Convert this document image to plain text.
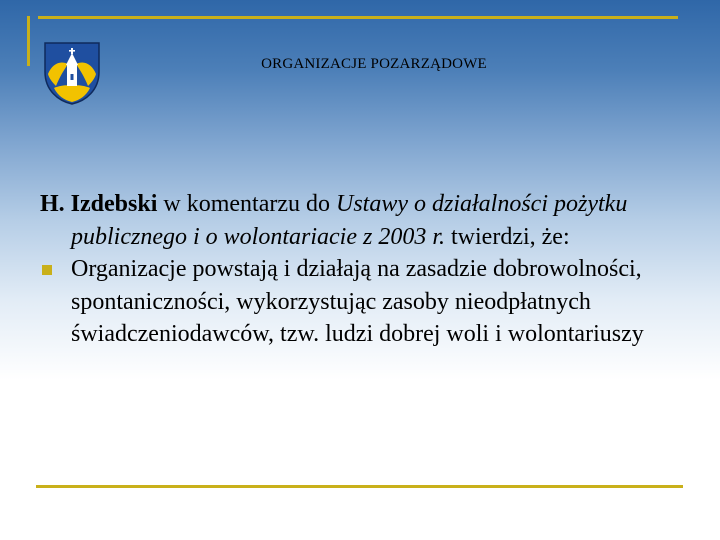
ORGANIZACJE POZARZĄDOWE

H. Izdebski w komentarzu do Ustawy o działalności pożytku publicznego i o wolontariacie z 2003 r. twierdzi, że:

Organizacje powstają i działają na zasadzie dobrowolności, spontaniczności, wykorzystując zasoby nieodpłatnych świadczeniodawców, tzw. ludzi dobrej woli i wolontariuszy
